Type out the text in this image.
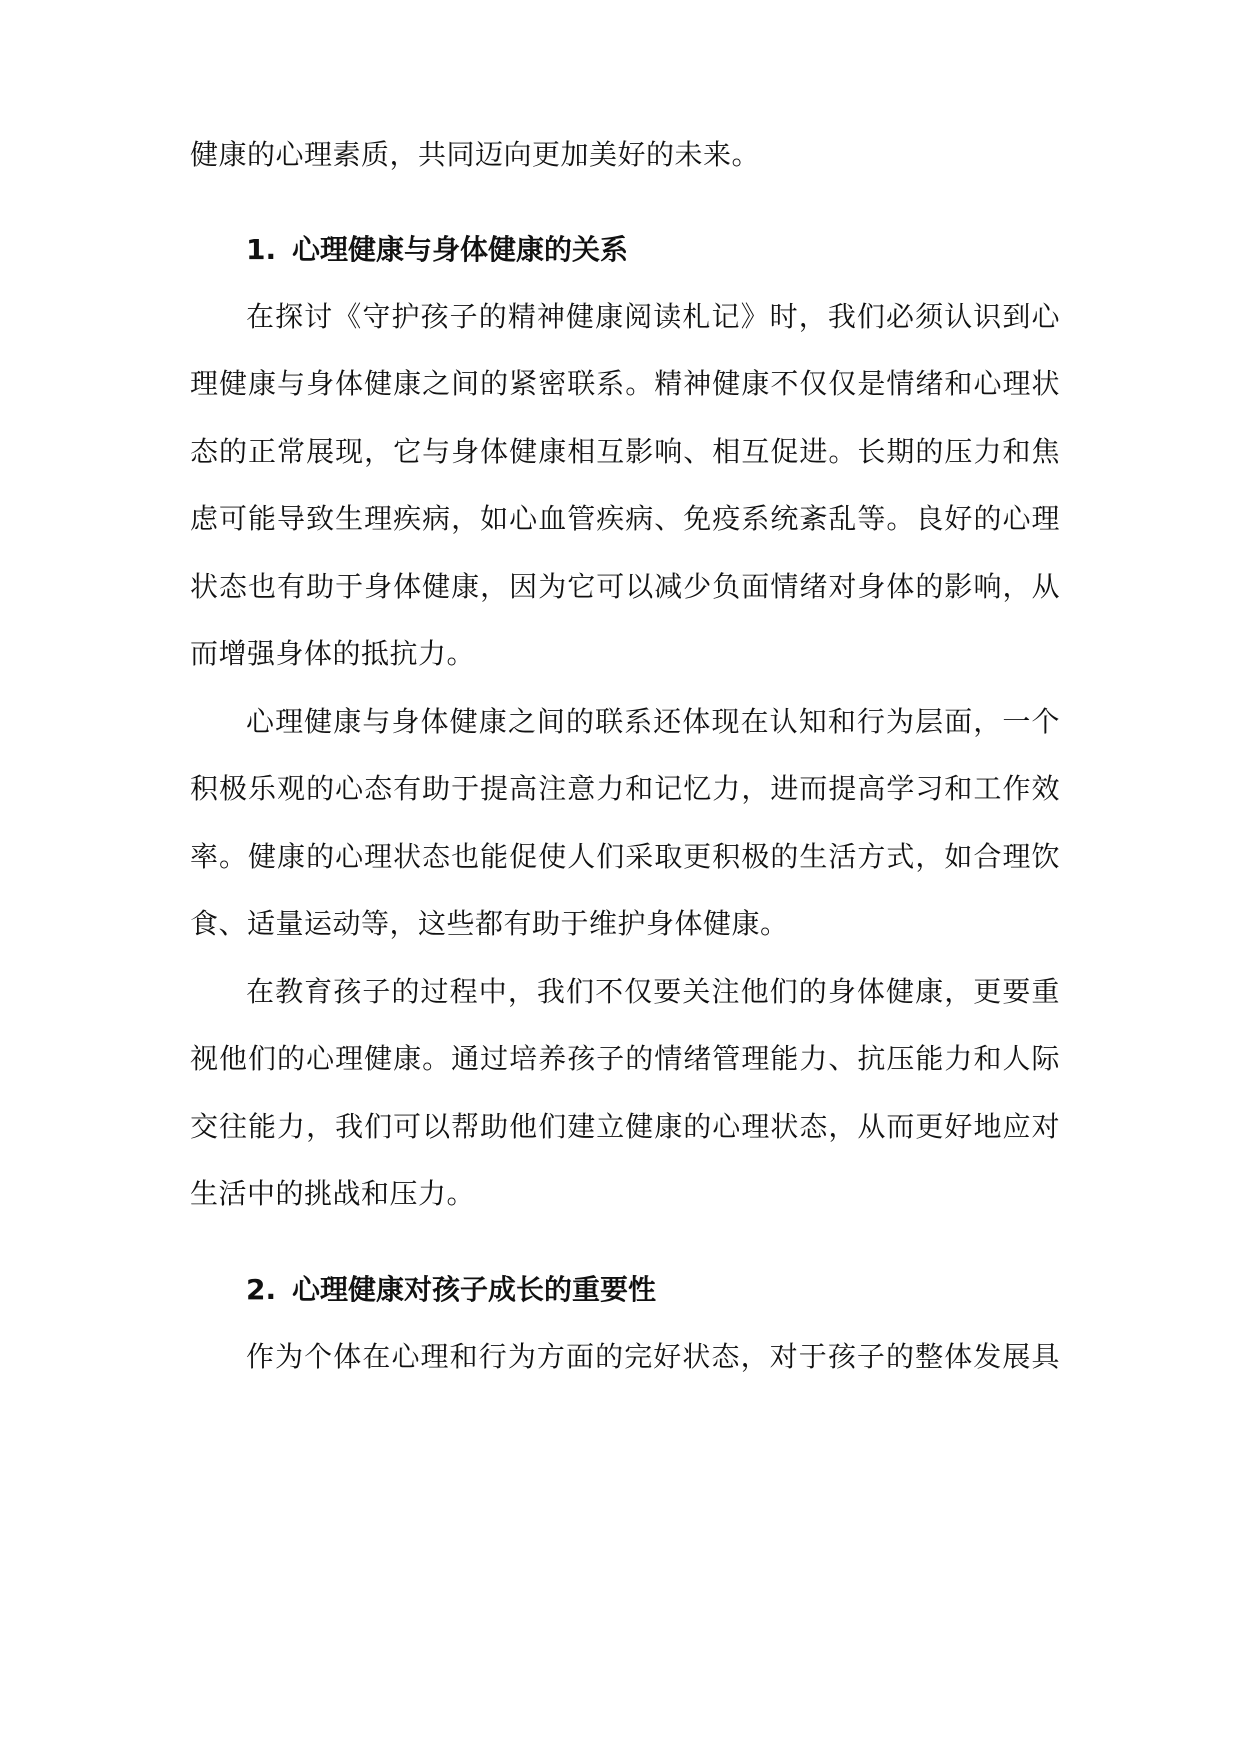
健康的心理素质，共同迈向更加美好的未来。
1. 心理健康与身体健康的关系
在探讨《守护孩子的精神健康阅读札记》时，我们必须认识到心
理健康与身体健康之间的紧密联系。精神健康不仅仅是情绪和心理状
态的正常展现，它与身体健康相互影响、相互促进。长期的压力和焦
虑可能导致生理疾病，如心血管疾病、免疫系统紊乱等。良好的心理
状态也有助于身体健康，因为它可以减少负面情绪对身体的影响，从
而增强身体的抵抗力。
心理健康与身体健康之间的联系还体现在认知和行为层面，一个
积极乐观的心态有助于提高注意力和记忆力，进而提高学习和工作效
率。健康的心理状态也能促使人们采取更积极的生活方式，如合理饮
食、适量运动等，这些都有助于维护身体健康。
在教育孩子的过程中，我们不仅要关注他们的身体健康，更要重
视他们的心理健康。通过培养孩子的情绪管理能力、抗压能力和人际
交往能力，我们可以帮助他们建立健康的心理状态，从而更好地应对
生活中的挑战和压力。
2. 心理健康对孩子成长的重要性
作为个体在心理和行为方面的完好状态，对于孩子的整体发展具
